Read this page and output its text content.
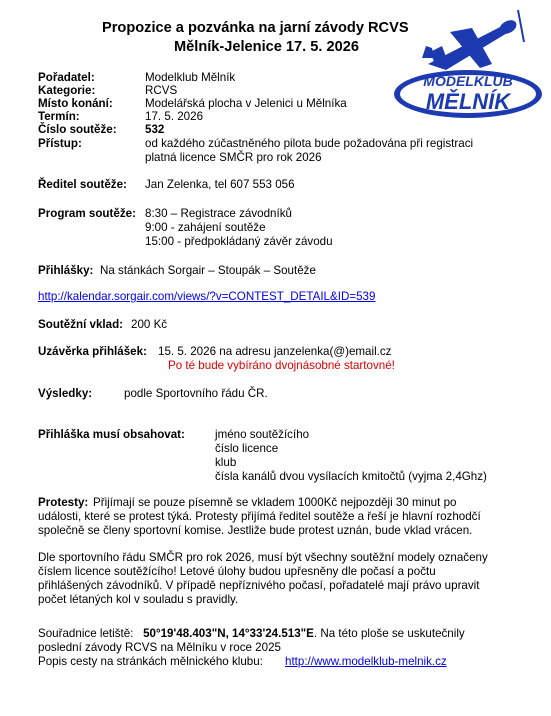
MODELKLUB
MĚLNÍK
Propozice a pozvánka na jarní závody RCVS
Mělník-Jelenice 17. 5. 2026
Pořadatel:	Modelklub Mělník
Kategorie:	RCVS
Místo konání:	Modelářská plocha v Jelenici u Mělníka
Termín:	17. 5. 2026
Číslo soutěže: 532
Přístup:	od každého zúčastněného pilota bude požadována při registraci
platná licence SMČR pro rok 2026
Ředitel soutěže: Jan Zelenka, tel 607 553 056
Program soutěže: 8:30 – Registrace závodníků
9:00 - zahájení soutěže
15:00 - předpokládaný závěr závodu
Přihlášky: Na stánkách Sorgair – Stoupák – Soutěže
http://kalendar.sorgair.com/views/?v=CONTEST_DETAIL&ID=539
Soutěžní vklad: 200 Kč
Uzávěrka přihlášek: 15. 5. 2026 na adresu janzelenka(@)email.cz
Po té bude vybíráno dvojnásobné startovné!
Výsledky:	podle Sportovního řádu ČR.
Přihláška musí obsahovat:	jméno soutěžícího
číslo licence
klub
čísla kanálů dvou vysílacích kmitočtů (vyjma 2,4Ghz)
Protesty: Přijímají se pouze písemně se vkladem 1000Kč nejpozději 30 minut po
události, které se protest týká. Protesty přijímá ředitel soutěže a řeší je hlavní rozhodčí
společně se členy sportovní komise. Jestliže bude protest uznán, bude vklad vrácen.
Dle sportovního řádu SMČR pro rok 2026, musí být všechny soutěžní modely označeny
číslem licence soutěžícího! Letové úlohy budou upřesněny dle počasí a počtu
přihlášených závodníků. V případě nepříznivého počasí, pořadatelé mají právo upravit
počet létaných kol v souladu s pravidly.
Souřadnice letiště: 50°19'48.403"N, 14°33'24.513"E. Na této ploše se uskutečnily
poslední závody RCVS na Mělníku v roce 2025
Popis cesty na stránkách mělnického klubu: http://www.modelklub-melnik.cz
